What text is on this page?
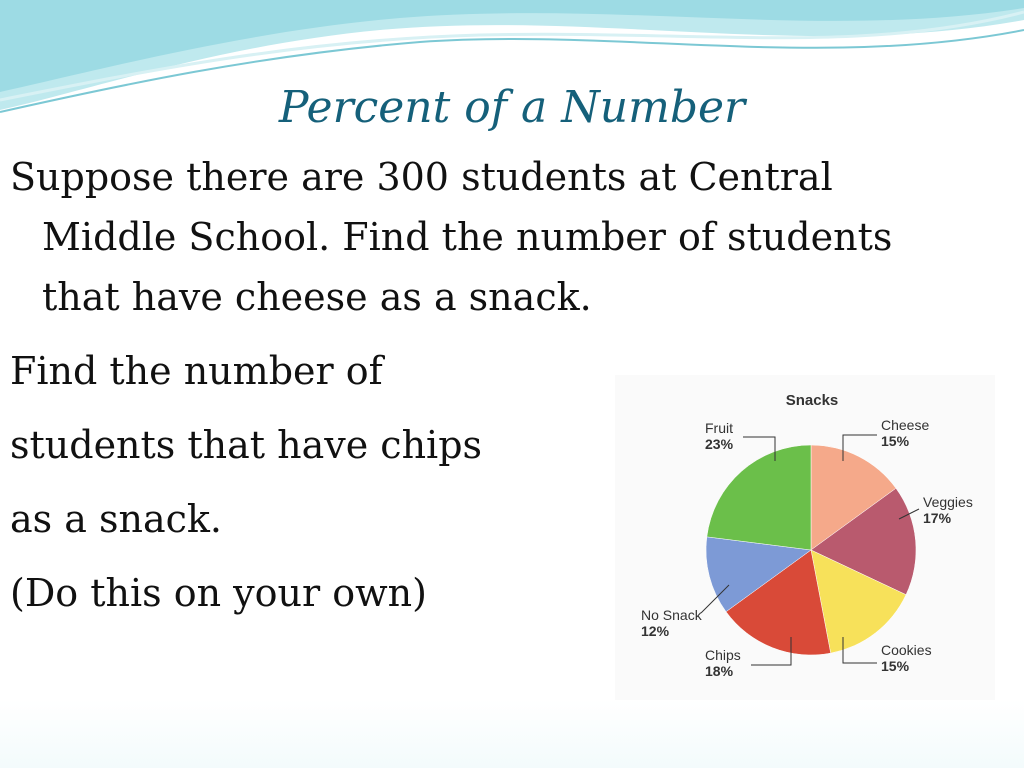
Percent of a Number
Suppose there are 300 students at Central
Middle School. Find the number of students
that have cheese as a snack.
Find the number of
students that have chips
as a snack.
(Do this on your own)
Snacks
Cheese
15%
Veggies
17%
Cookies
15%
Chips
18%
No Snack
12%
Fruit
23%
